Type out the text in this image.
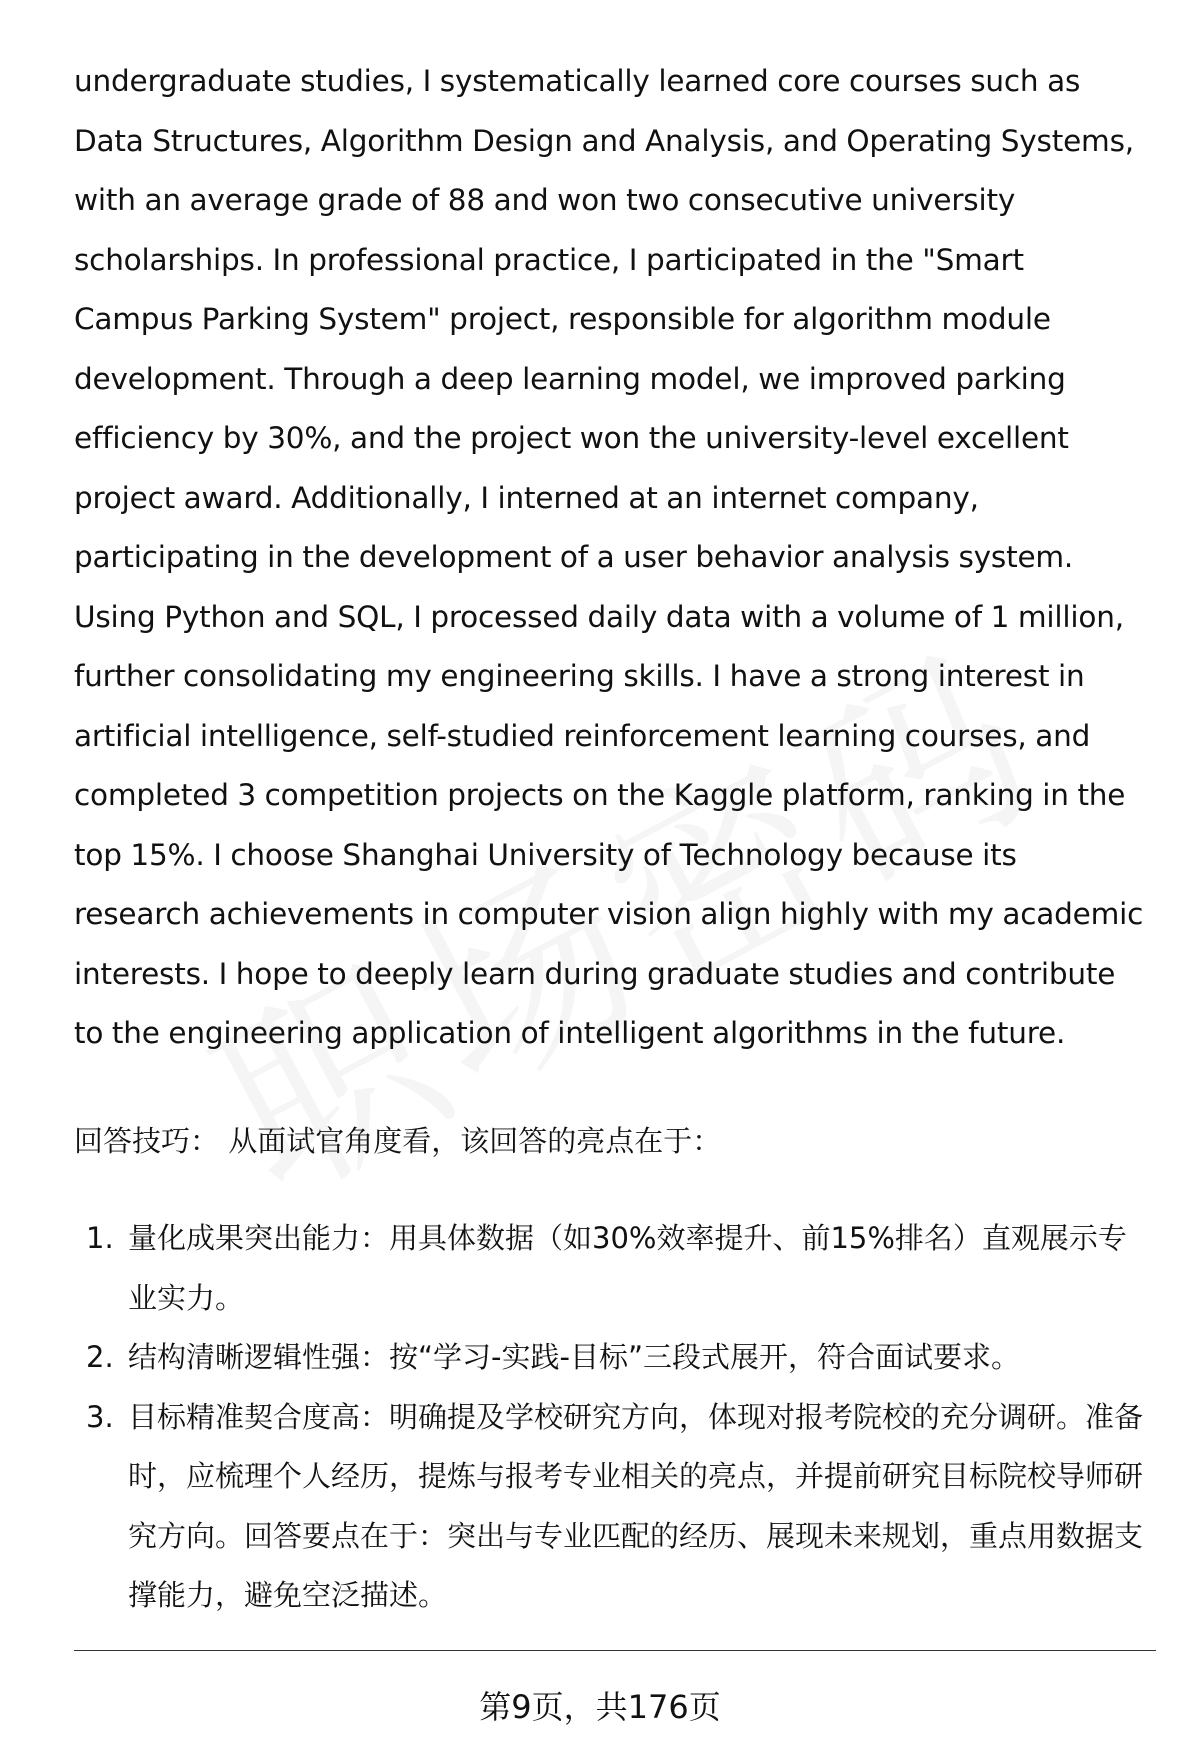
undergraduate studies, I systematically learned core courses such as Data Structures, Algorithm Design and Analysis, and Operating Systems, with an average grade of 88 and won two consecutive university scholarships. In professional practice, I participated in the "Smart Campus Parking System" project, responsible for algorithm module development. Through a deep learning model, we improved parking efficiency by 30%, and the project won the university-level excellent project award. Additionally, I interned at an internet company, participating in the development of a user behavior analysis system. Using Python and SQL, I processed daily data with a volume of 1 million, further consolidating my engineering skills. I have a strong interest in artificial intelligence, self-studied reinforcement learning courses, and completed 3 competition projects on the Kaggle platform, ranking in the top 15%. I choose Shanghai University of Technology because its research achievements in computer vision align highly with my academic interests. I hope to deeply learn during graduate studies and contribute to the engineering application of intelligent algorithms in the future.

回答技巧： 从面试官角度看，该回答的亮点在于：

1. 量化成果突出能力：用具体数据（如30%效率提升、前15%排名）直观展示专业实力。
2. 结构清晰逻辑性强：按“学习-实践-目标”三段式展开，符合面试要求。
3. 目标精准契合度高：明确提及学校研究方向，体现对报考院校的充分调研。准备时，应梳理个人经历，提炼与报考专业相关的亮点，并提前研究目标院校导师研究方向。回答要点在于：突出与专业匹配的经历、展现未来规划，重点用数据支撑能力，避免空泛描述。
第9页，共176页
